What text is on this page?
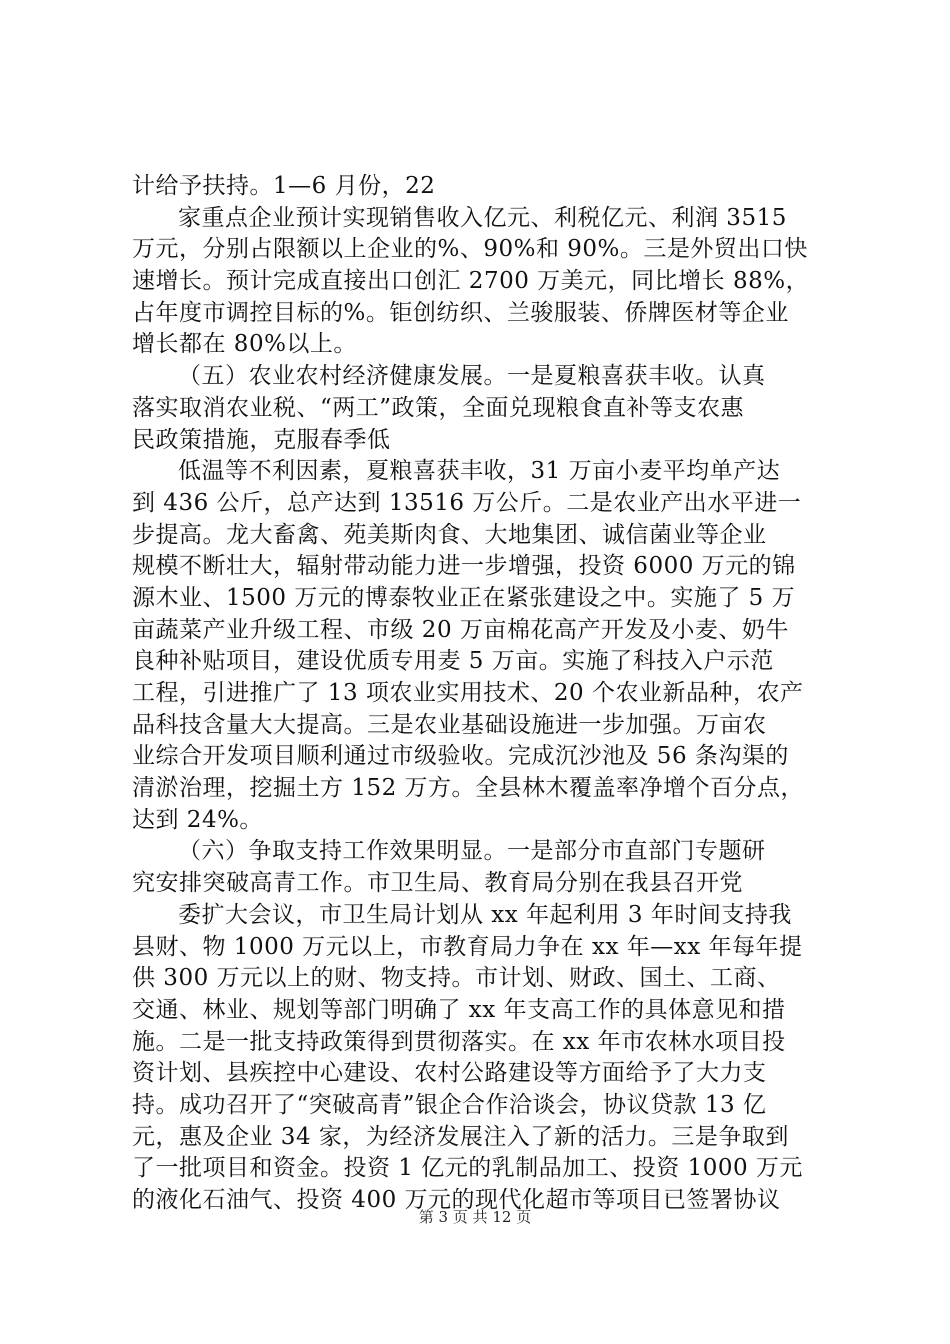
计给予扶持。1—6 月份，22
家重点企业预计实现销售收入亿元、利税亿元、利润 3515
万元，分别占限额以上企业的%、90%和 90%。三是外贸出口快
速增长。预计完成直接出口创汇 2700 万美元，同比增长 88%，
占年度市调控目标的%。钜创纺织、兰骏服装、侨牌医材等企业
增长都在 80%以上。
（五）农业农村经济健康发展。一是夏粮喜获丰收。认真
落实取消农业税、“两工”政策，全面兑现粮食直补等支农惠
民政策措施，克服春季低
低温等不利因素，夏粮喜获丰收，31 万亩小麦平均单产达
到 436 公斤，总产达到 13516 万公斤。二是农业产出水平进一
步提高。龙大畜禽、苑美斯肉食、大地集团、诚信菌业等企业
规模不断壮大，辐射带动能力进一步增强，投资 6000 万元的锦
源木业、1500 万元的博泰牧业正在紧张建设之中。实施了 5 万
亩蔬菜产业升级工程、市级 20 万亩棉花高产开发及小麦、奶牛
良种补贴项目，建设优质专用麦 5 万亩。实施了科技入户示范
工程，引进推广了 13 项农业实用技术、20 个农业新品种，农产
品科技含量大大提高。三是农业基础设施进一步加强。万亩农
业综合开发项目顺利通过市级验收。完成沉沙池及 56 条沟渠的
清淤治理，挖掘土方 152 万方。全县林木覆盖率净增个百分点，
达到 24%。
（六）争取支持工作效果明显。一是部分市直部门专题研
究安排突破高青工作。市卫生局、教育局分别在我县召开党
委扩大会议，市卫生局计划从 xx 年起利用 3 年时间支持我
县财、物 1000 万元以上，市教育局力争在 xx 年—xx 年每年提
供 300 万元以上的财、物支持。市计划、财政、国土、工商、
交通、林业、规划等部门明确了 xx 年支高工作的具体意见和措
施。二是一批支持政策得到贯彻落实。在 xx 年市农林水项目投
资计划、县疾控中心建设、农村公路建设等方面给予了大力支
持。成功召开了“突破高青”银企合作洽谈会，协议贷款 13 亿
元，惠及企业 34 家，为经济发展注入了新的活力。三是争取到
了一批项目和资金。投资 1 亿元的乳制品加工、投资 1000 万元
的液化石油气、投资 400 万元的现代化超市等项目已签署协议
第 3 页 共 12 页
